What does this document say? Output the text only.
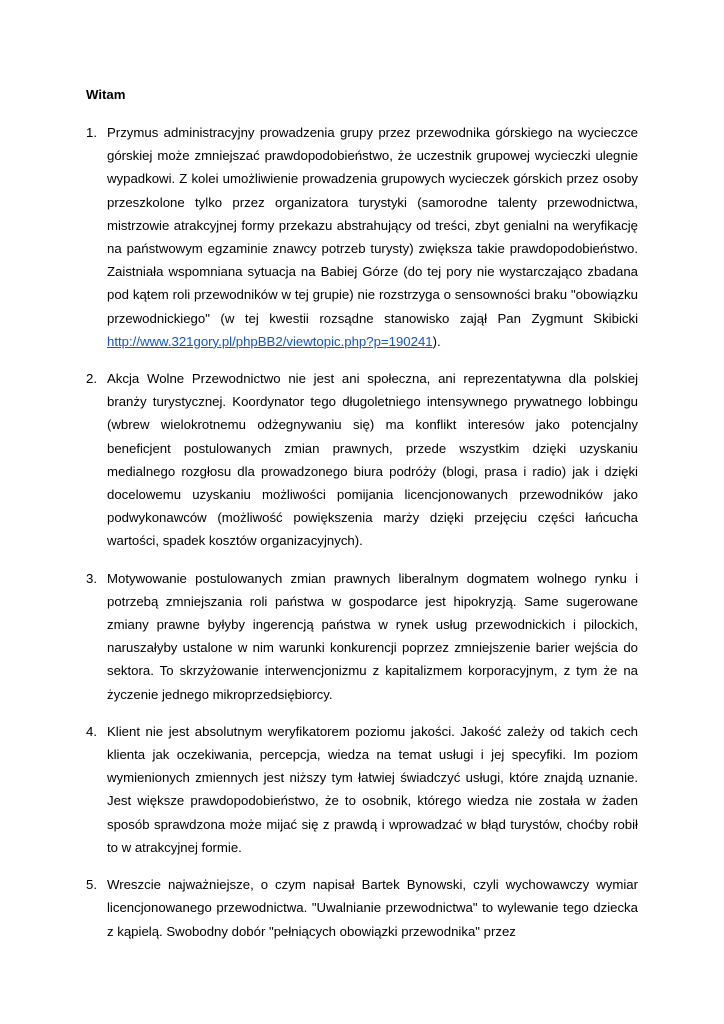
Witam
1. Przymus administracyjny prowadzenia grupy przez przewodnika górskiego na wycieczce górskiej może zmniejszać prawdopodobieństwo, że uczestnik grupowej wycieczki ulegnie wypadkowi. Z kolei umożliwienie prowadzenia grupowych wycieczek górskich przez osoby przeszkolone tylko przez organizatora turystyki (samorodne talenty przewodnictwa, mistrzowie atrakcyjnej formy przekazu abstrahujący od treści, zbyt genialni na weryfikację na państwowym egzaminie znawcy potrzeb turysty) zwiększa takie prawdopodobieństwo. Zaistniała wspomniana sytuacja na Babiej Górze (do tej pory nie wystarczająco zbadana pod kątem roli przewodników w tej grupie) nie rozstrzyga o sensowności braku "obowiązku przewodnickiego" (w tej kwestii rozsądne stanowisko zajął Pan Zygmunt Skibicki http://www.321gory.pl/phpBB2/viewtopic.php?p=190241).
2. Akcja Wolne Przewodnictwo nie jest ani społeczna, ani reprezentatywna dla polskiej branży turystycznej. Koordynator tego długoletniego intensywnego prywatnego lobbingu (wbrew wielokrotnemu odżegnywaniu się) ma konflikt interesów jako potencjalny beneficjent postulowanych zmian prawnych, przede wszystkim dzięki uzyskaniu medialnego rozgłosu dla prowadzonego biura podróży (blogi, prasa i radio) jak i dzięki docelowemu uzyskaniu możliwości pomijania licencjonowanych przewodników jako podwykonawców (możliwość powiększenia marży dzięki przejęciu części łańcucha wartości, spadek kosztów organizacyjnych).
3. Motywowanie postulowanych zmian prawnych liberalnym dogmatem wolnego rynku i potrzebą zmniejszania roli państwa w gospodarce jest hipokryzją. Same sugerowane zmiany prawne byłyby ingerencją państwa w rynek usług przewodnickich i pilockich, naruszałyby ustalone w nim warunki konkurencji poprzez zmniejszenie barier wejścia do sektora. To skrzyżowanie interwencjonizmu z kapitalizmem korporacyjnym, z tym że na życzenie jednego mikroprzedsiębiorcy.
4. Klient nie jest absolutnym weryfikatorem poziomu jakości. Jakość zależy od takich cech klienta jak oczekiwania, percepcja, wiedza na temat usługi i jej specyfiki. Im poziom wymienionych zmiennych jest niższy tym łatwiej świadczyć usługi, które znajdą uznanie. Jest większe prawdopodobieństwo, że to osobnik, którego wiedza nie została w żaden sposób sprawdzona może mijać się z prawdą i wprowadzać w błąd turystów, choćby robił to w atrakcyjnej formie.
5. Wreszcie najważniejsze, o czym napisał Bartek Bynowski, czyli wychowawczy wymiar licencjonowanego przewodnictwa. "Uwalnianie przewodnictwa" to wylewanie tego dziecka z kąpielą. Swobodny dobór "pełniących obowiązki przewodnika" przez
